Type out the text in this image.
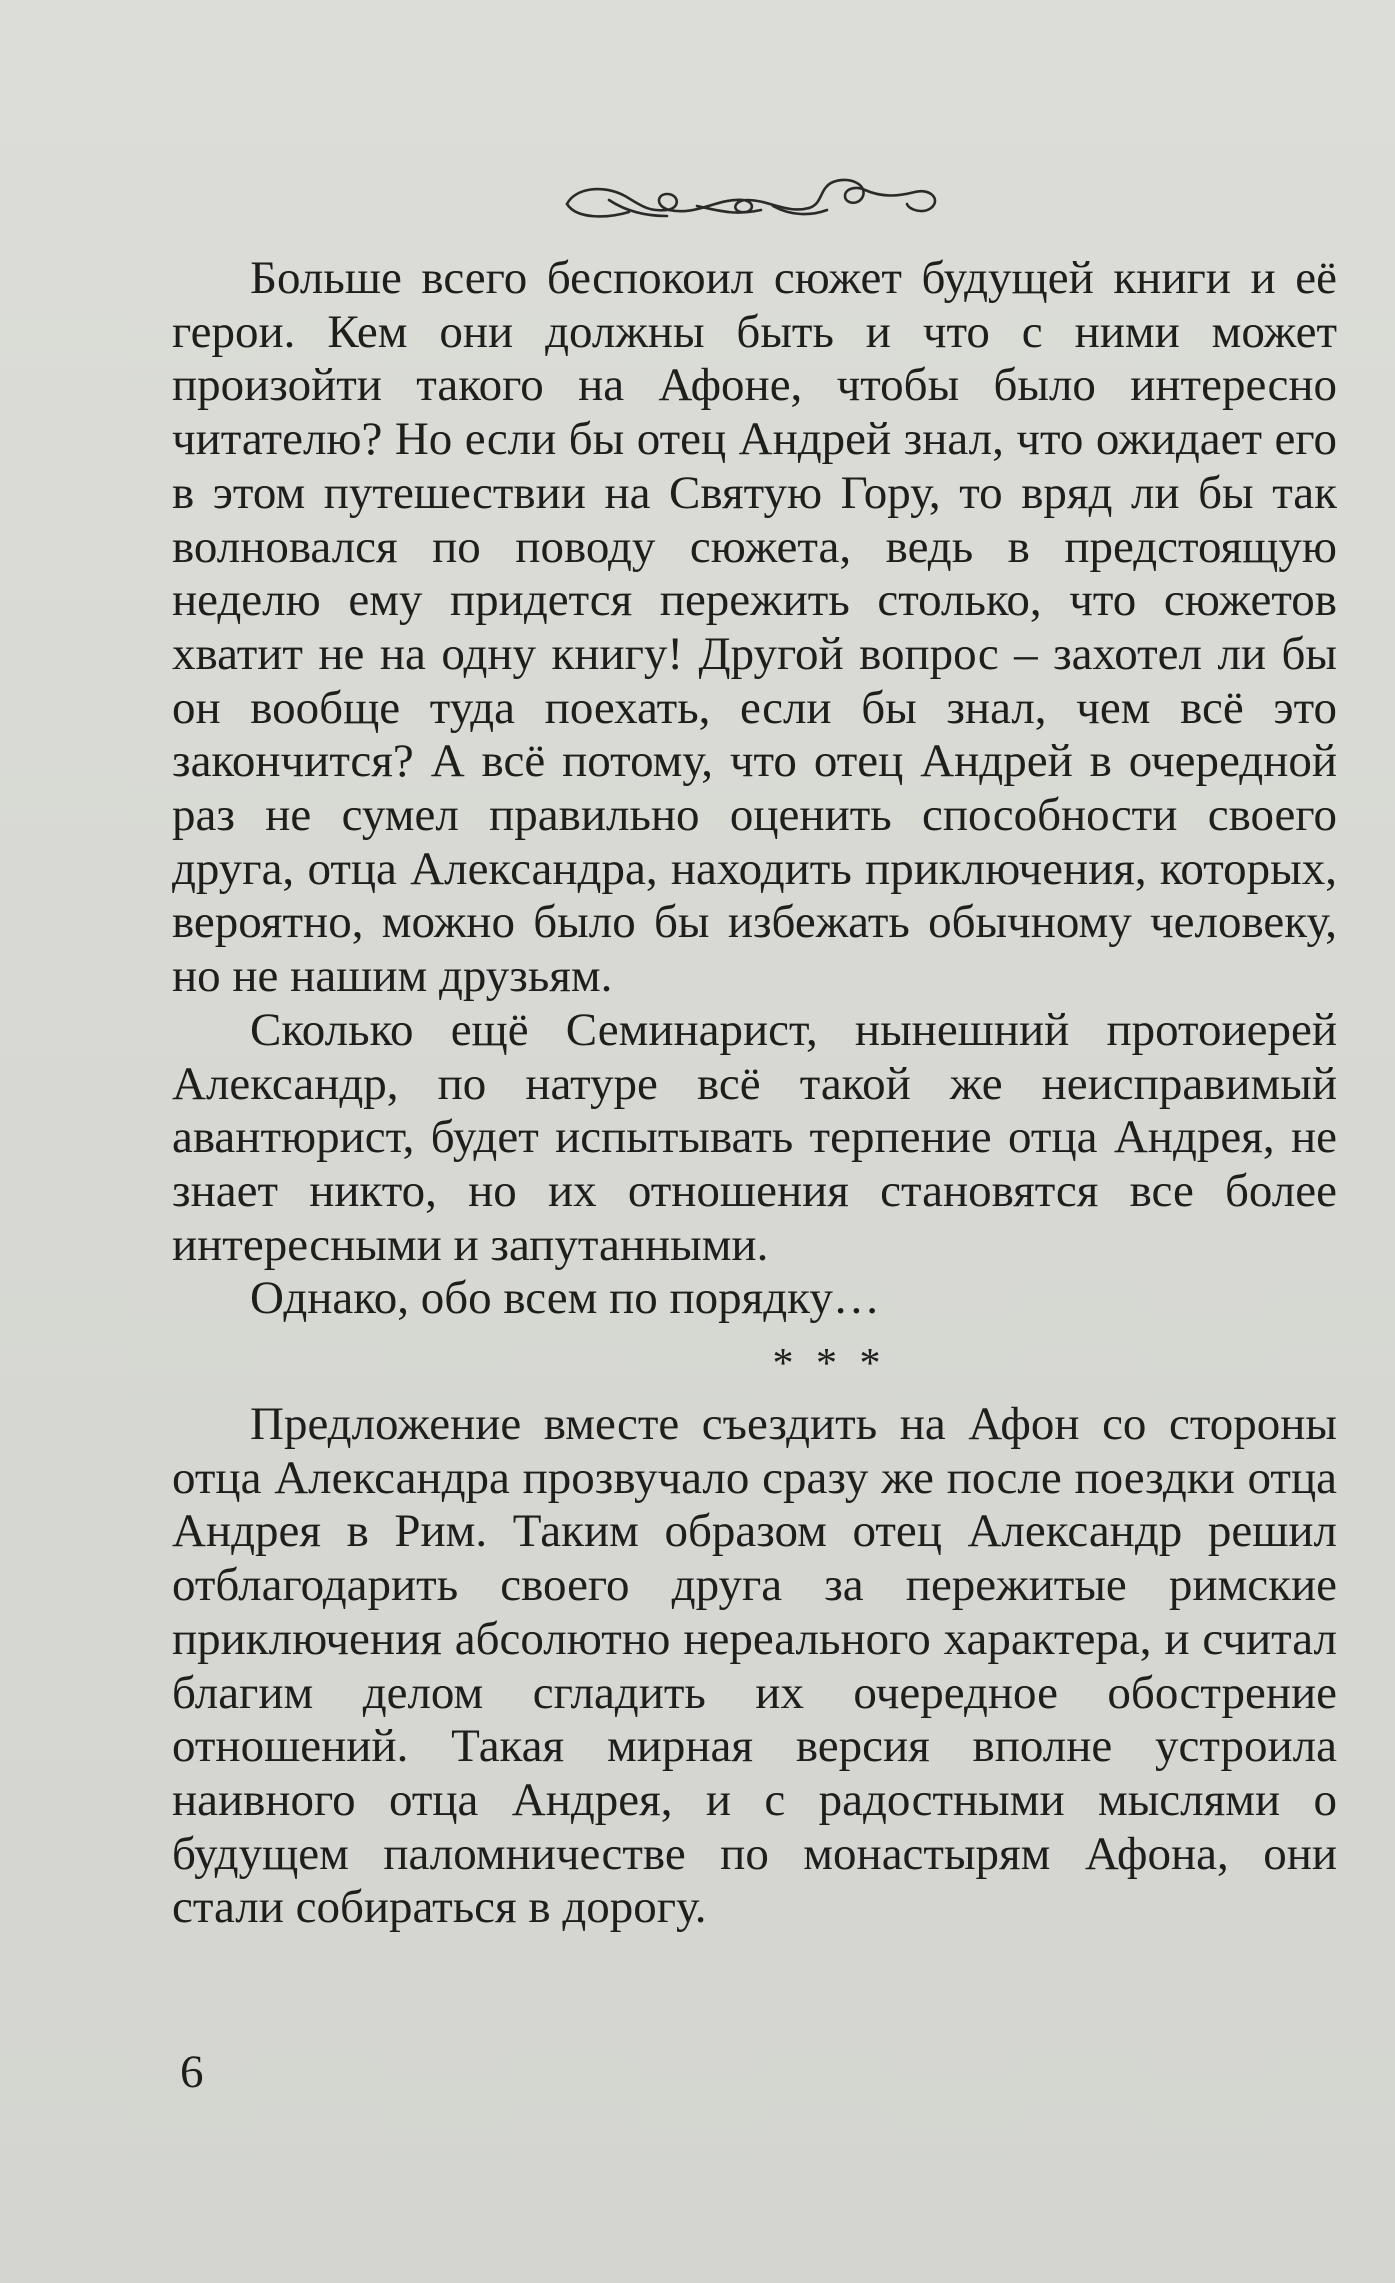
Больше всего беспокоил сюжет будущей книги и её герои. Кем они должны быть и что с ними может произойти такого на Афоне, чтобы было интересно читателю? Но если бы отец Андрей знал, что ожидает его в этом путешествии на Святую Гору, то вряд ли бы так волновался по поводу сюжета, ведь в предстоящую неделю ему придется пережить столько, что сюжетов хватит не на одну книгу! Другой вопрос – захотел ли бы он вообще туда поехать, если бы знал, чем всё это закончится? А всё потому, что отец Андрей в очередной раз не сумел правильно оценить способности своего друга, отца Александра, находить приключения, которых, вероятно, можно было бы избежать обычному человеку, но не нашим друзьям.

Сколько ещё Семинарист, нынешний протоиерей Александр, по натуре всё такой же неисправимый авантюрист, будет испытывать терпение отца Андрея, не знает никто, но их отношения становятся все более интересными и запутанными.

Однако, обо всем по порядку…

* * *

Предложение вместе съездить на Афон со стороны отца Александра прозвучало сразу же после поездки отца Андрея в Рим. Таким образом отец Александр решил отблагодарить своего друга за пережитые римские приключения абсолютно нереального характера, и считал благим делом сгладить их очередное обострение отношений. Такая мирная версия вполне устроила наивного отца Андрея, и с радостными мыслями о будущем паломничестве по монастырям Афона, они стали собираться в дорогу.

6
